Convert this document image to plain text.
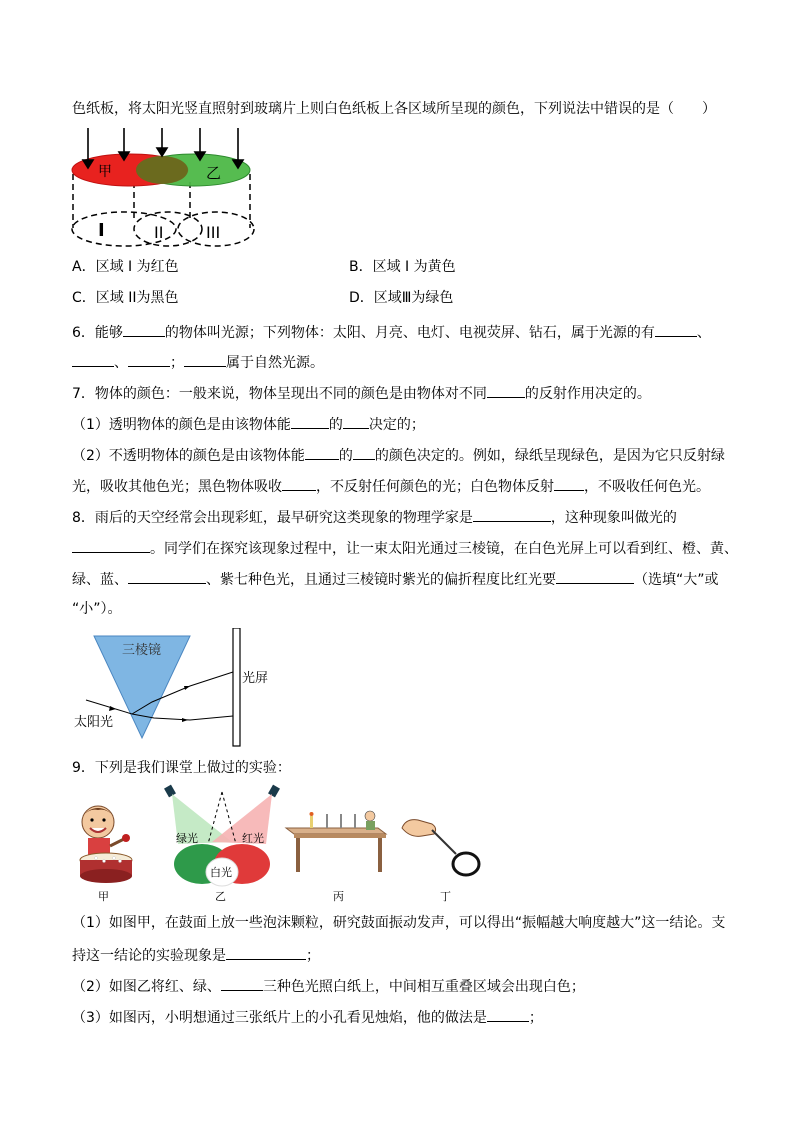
色纸板，将太阳光竖直照射到玻璃片上则白色纸板上各区域所呈现的颜色，下列说法中错误的是（　　）
甲	乙
I	II	III
A．区域 I 为红色	B．区域 I 为黄色
C．区域 II为黑色	D．区域Ⅲ为绿色
6．能够	的物体叫光源；下列物体：太阳、月亮、电灯、电视荧屏、钻石，属于光源的有	、
、	；	属于自然光源。
7．物体的颜色：一般来说，物体呈现出不同的颜色是由物体对不同	的反射作用决定的。
（1）透明物体的颜色是由该物体能	的 决定的；
（2）不透明物体的颜色是由该物体能 的 的颜色决定的。例如，绿纸呈现绿色，是因为它只反射绿
光，吸收其他色光；黑色物体吸收 ，不反射任何颜色的光；白色物体反射 ，不吸收任何色光。
8．雨后的天空经常会出现彩虹，最早研究这类现象的物理学家是	，这种现象叫做光的
。同学们在探究该现象过程中，让一束太阳光通过三棱镜，在白色光屏上可以看到红、橙、黄、
绿、蓝、	、紫七种色光，且通过三棱镜时紫光的偏折程度比红光要	（选填“大”或
“小”）。
三棱镜
光屏
太阳光
9．下列是我们课堂上做过的实验：
甲
绿光	红光
白光
乙	丙	丁
（1）如图甲，在鼓面上放一些泡沫颗粒，研究鼓面振动发声，可以得出“振幅越大响度越大”这一结论。支
持这一结论的实验现象是	；
（2）如图乙将红、绿、	三种色光照白纸上，中间相互重叠区域会出现白色；
（3）如图丙，小明想通过三张纸片上的小孔看见烛焰，他的做法是	；
